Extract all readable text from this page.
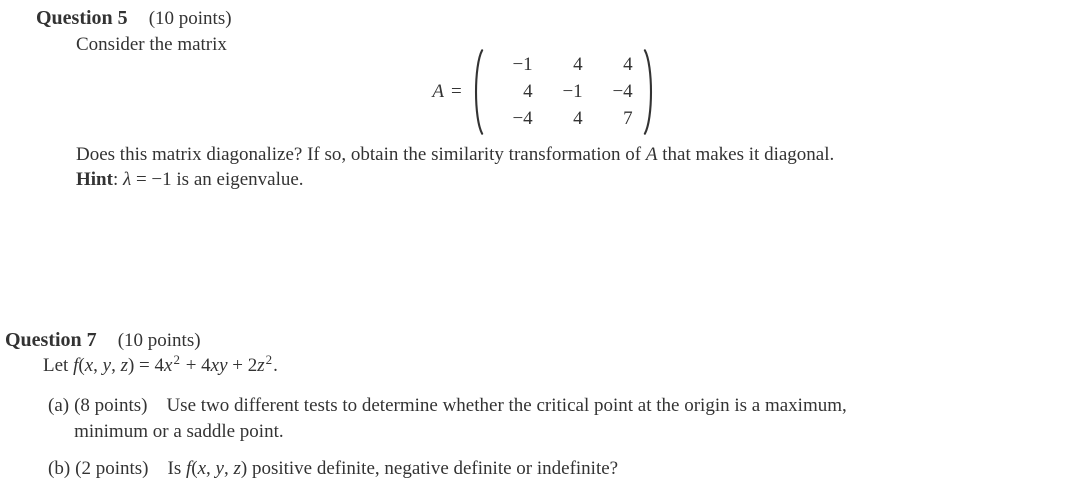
Question 5 (10 points)
Consider the matrix
A =
−1	4	4
4	−1	−4
−4	4	7
Does this matrix diagonalize? If so, obtain the similarity transformation of A that makes it diagonal.
Hint: λ = −1 is an eigenvalue.
Question 7 (10 points)
Let f(x, y, $z) = 4x^2 + 4xy + 2z^2$.
(a) (8 points) Use two different tests to determine whether the critical point at the origin is a maximum,
minimum or a saddle point.
(b) (2 points) Is f(x, y, z) positive definite, negative definite or indefinite?
